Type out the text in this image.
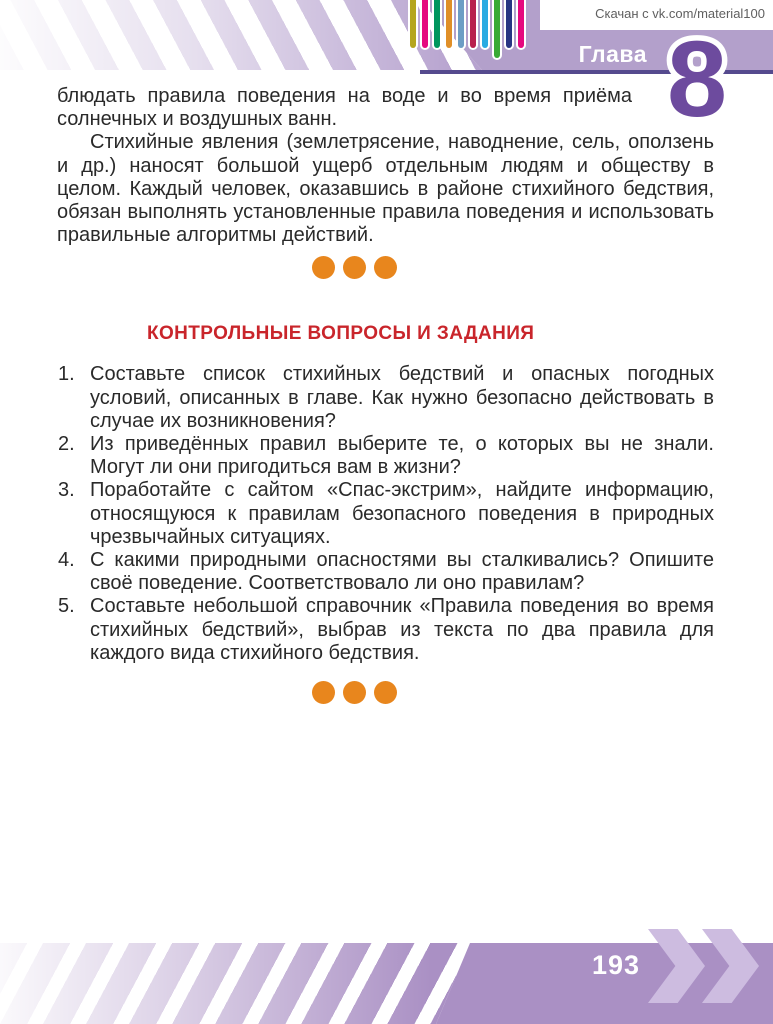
Скачан с vk.com/material100
Глава 8

блюдать правила поведения на воде и во время приёма солнечных и воздушных ванн.

Стихийные явления (землетрясение, наводнение, сель, оползень и др.) наносят большой ущерб отдельным людям и обществу в целом. Каждый человек, оказавшись в районе стихийного бедствия, обязан выполнять установленные правила поведения и использовать правильные алгоритмы действий.

КОНТРОЛЬНЫЕ ВОПРОСЫ И ЗАДАНИЯ
1. Составьте список стихийных бедствий и опасных погодных условий, описанных в главе. Как нужно безопасно действовать в случае их возникновения?
2. Из приведённых правил выберите те, о которых вы не знали. Могут ли они пригодиться вам в жизни?
3. Поработайте с сайтом «Спас-экстрим», найдите информацию, относящуюся к правилам безопасного поведения в природных чрезвычайных ситуациях.
4. С какими природными опасностями вы сталкивались? Опишите своё поведение. Соответствовало ли оно правилам?
5. Составьте небольшой справочник «Правила поведения во время стихийных бедствий», выбрав из текста по два правила для каждого вида стихийного бедствия.
193
